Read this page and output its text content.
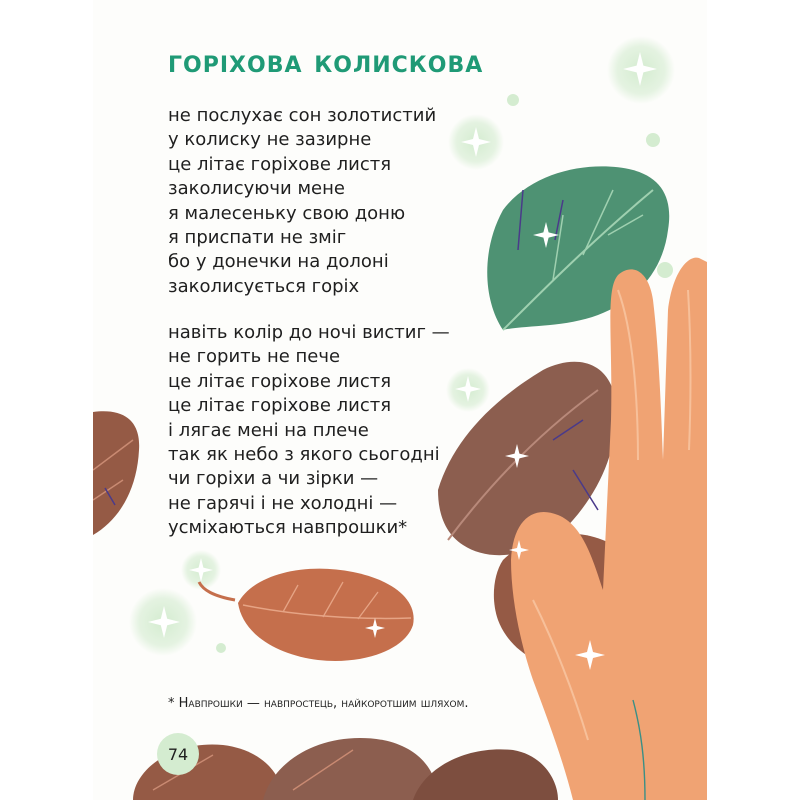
горіхова колискова
не послухає сон золотистий
у колиску не зазирне
це літає горіхове листя
заколисуючи мене
я малесеньку свою доню
я приспати не зміг
бо у донечки на долоні
заколисується горіх
навіть колір до ночі вистиг —
не горить не пече
це літає горіхове листя
це літає горіхове листя
і лягає мені на плече
так як небо з якого сьогодні
чи горіхи а чи зірки —
не гарячі і не холодні —
усміхаються навпрошки*

* Навпрошки — навпростець, найкоротшим шляхом.

74
